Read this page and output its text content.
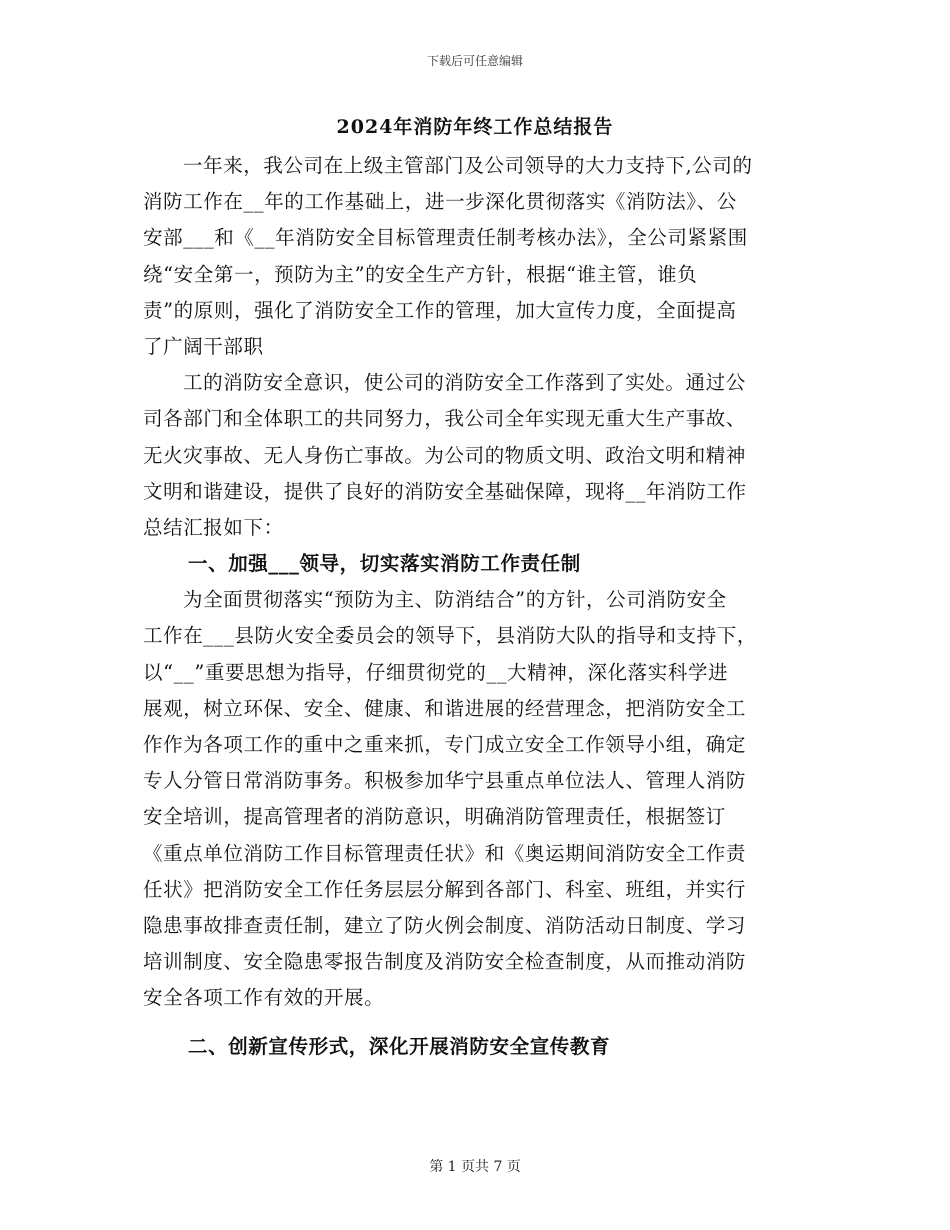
下载后可任意编辑
2024年消防年终工作总结报告
一年来，我公司在上级主管部门及公司领导的大力支持下,公司的
消防工作在__年的工作基础上，进一步深化贯彻落实《消防法》、公
安部___和《__年消防安全目标管理责任制考核办法》，全公司紧紧围
绕“安全第一，预防为主”的安全生产方针，根据“谁主管，谁负
责”的原则，强化了消防安全工作的管理，加大宣传力度，全面提高
了广阔干部职
工的消防安全意识，使公司的消防安全工作落到了实处。通过公
司各部门和全体职工的共同努力，我公司全年实现无重大生产事故、
无火灾事故、无人身伤亡事故。为公司的物质文明、政治文明和精神
文明和谐建设，提供了良好的消防安全基础保障，现将__年消防工作
总结汇报如下：
一、加强___领导，切实落实消防工作责任制
为全面贯彻落实“预防为主、防消结合”的方针，公司消防安全
工作在___县防火安全委员会的领导下，县消防大队的指导和支持下，
以“__”重要思想为指导，仔细贯彻党的__大精神，深化落实科学进
展观，树立环保、安全、健康、和谐进展的经营理念，把消防安全工
作作为各项工作的重中之重来抓，专门成立安全工作领导小组，确定
专人分管日常消防事务。积极参加华宁县重点单位法人、管理人消防
安全培训，提高管理者的消防意识，明确消防管理责任，根据签订
《重点单位消防工作目标管理责任状》和《奥运期间消防安全工作责
任状》把消防安全工作任务层层分解到各部门、科室、班组，并实行
隐患事故排查责任制，建立了防火例会制度、消防活动日制度、学习
培训制度、安全隐患零报告制度及消防安全检查制度，从而推动消防
安全各项工作有效的开展。
二、创新宣传形式，深化开展消防安全宣传教育
第 1 页共 7 页
